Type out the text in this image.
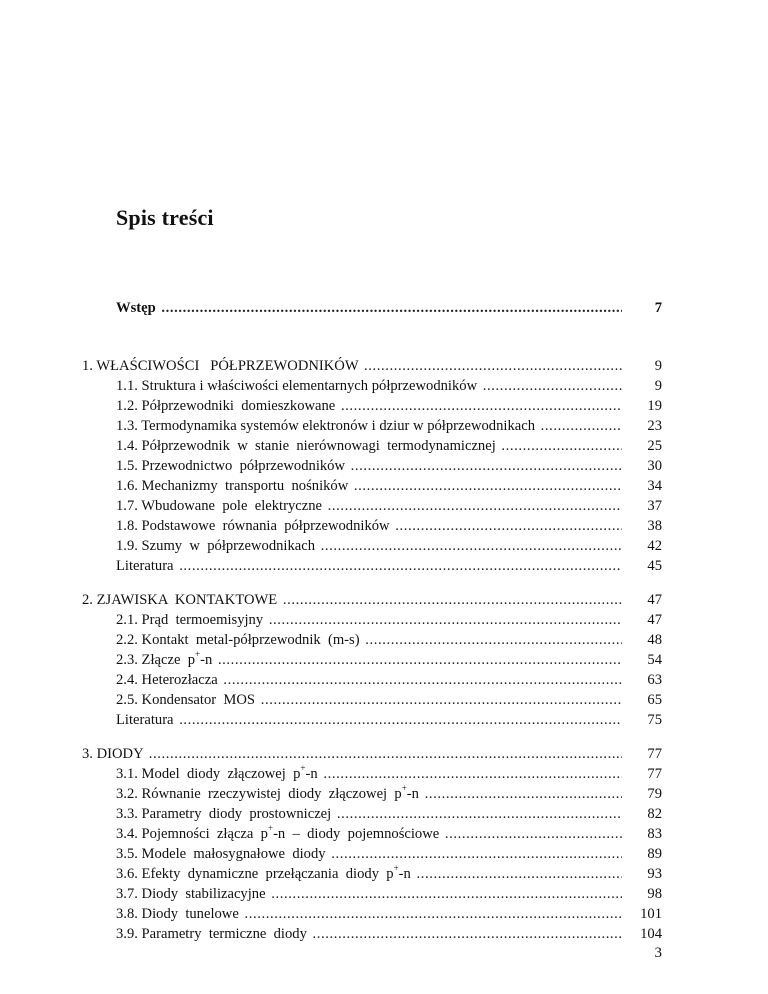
Spis treści
Wstęp .....	7
1. WŁAŚCIWOŚCI   PÓŁPRZEWODNIKÓW .....	9
1.1. Struktura i właściwości elementarnych półprzewodników .....	9
1.2. Półprzewodniki  domieszkowane .....	19
1.3. Termodynamika systemów elektronów i dziur w półprzewodnikach .....	23
1.4. Półprzewodnik  w  stanie  nierównowagi  termodynamicznej .....	25
1.5. Przewodnictwo  półprzewodników .....	30
1.6. Mechanizmy  transportu  nośników .....	34
1.7. Wbudowane  pole  elektryczne .....	37
1.8. Podstawowe  równania  półprzewodników .....	38
1.9. Szumy  w  półprzewodnikach .....	42
Literatura .....	45
2. ZJAWISKA  KONTAKTOWE .....	47
2.1. Prąd  termoemisyjny .....	47
2.2. Kontakt  metal-półprzewodnik  (m-s) .....	48
2.3. Złącze  p+-n .....	54
2.4. Heterozłacza .....	63
2.5. Kondensator  MOS .....	65
Literatura .....	75
3. DIODY .....	77
3.1. Model  diody  złączowej  p+-n .....	77
3.2. Równanie  rzeczywistej  diody  złączowej  p+-n .....	79
3.3. Parametry  diody  prostowniczej .....	82
3.4. Pojemności  złącza  p+-n  –  diody  pojemnościowe .....	83
3.5. Modele  małosygnałowe  diody .....	89
3.6. Efekty  dynamiczne  przełączania  diody  p+-n .....	93
3.7. Diody  stabilizacyjne .....	98
3.8. Diody  tunelowe .....	101
3.9. Parametry  termiczne  diody .....	104
3
